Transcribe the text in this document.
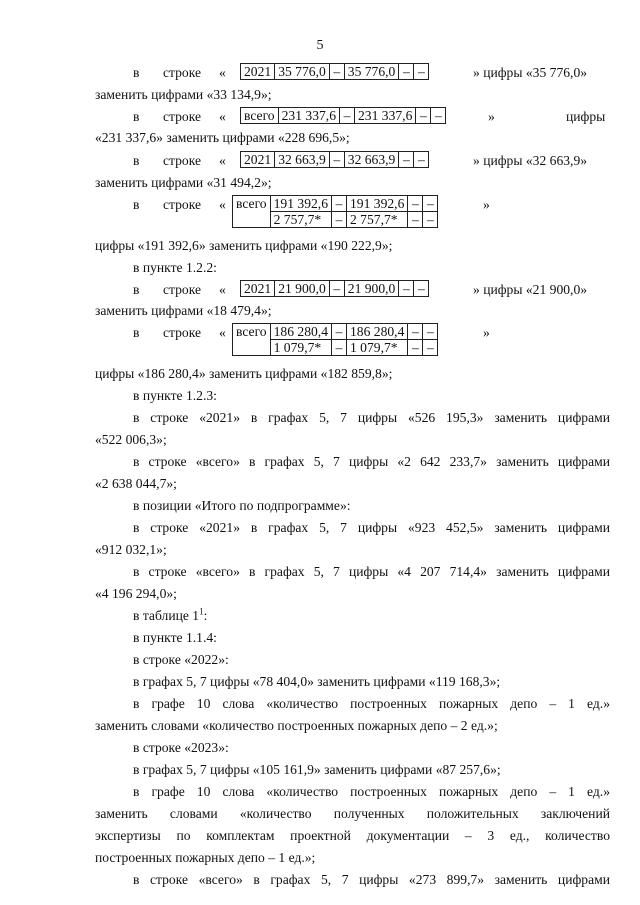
5
в строке « 2021	35 776,0	–	35 776,0	–	–	» цифры «35 776,0»
заменить цифрами «33 134,9»;
в строке « всего	231 337,6	–	231 337,6	–	–	»	цифры
«231 337,6» заменить цифрами «228 696,5»;
в строке « 2021	32 663,9	–	32 663,9	–	–	» цифры «32 663,9»
заменить цифрами «31 494,2»;
в строке « всего	191 392,6	–	191 392,6	–	–
	2 757,7*	–	2 757,7*	–	–
»
цифры «191 392,6» заменить цифрами «190 222,9»;
в пункте 1.2.2:
в строке « 2021	21 900,0	–	21 900,0	–	–	» цифры «21 900,0»
заменить цифрами «18 479,4»;
в строке « всего	186 280,4	–	186 280,4	–	–
	1 079,7*	–	1 079,7*	–	–
»
цифры «186 280,4» заменить цифрами «182 859,8»;
в пункте 1.2.3:
в строке «2021» в графах 5, 7 цифры «526 195,3» заменить цифрами
«522 006,3»;
в строке «всего» в графах 5, 7 цифры «2 642 233,7» заменить цифрами
«2 638 044,7»;
в позиции «Итого по подпрограмме»:
в строке «2021» в графах 5, 7 цифры «923 452,5» заменить цифрами
«912 032,1»;
в строке «всего» в графах 5, 7 цифры «4 207 714,4» заменить цифрами
«4 196 294,0»;
в таблице $1^1$:
в пункте 1.1.4:
в строке «2022»:
в графах 5, 7 цифры «78 404,0» заменить цифрами «119 168,3»;
в графе 10 слова «количество построенных пожарных депо – 1 ед.»
заменить словами «количество построенных пожарных депо – 2 ед.»;
в строке «2023»:
в графах 5, 7 цифры «105 161,9» заменить цифрами «87 257,6»;
в графе 10 слова «количество построенных пожарных депо – 1 ед.»
заменить словами «количество полученных положительных заключений
экспертизы по комплектам проектной документации – 3 ед., количество
построенных пожарных депо – 1 ед.»;
в строке «всего» в графах 5, 7 цифры «273 899,7» заменить цифрами
